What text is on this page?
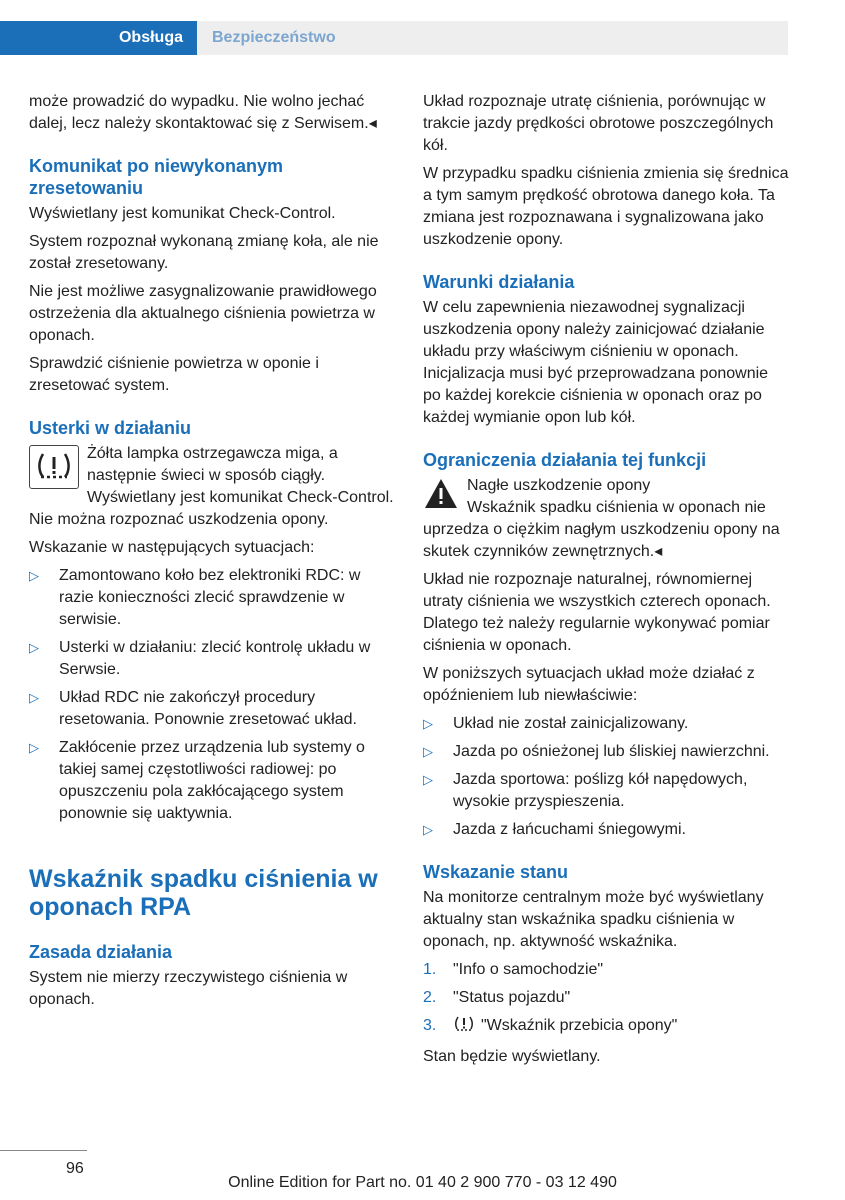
Obsługa Bezpieczeństwo

może prowadzić do wypadku. Nie wolno jechać dalej, lecz należy skontaktować się z Serwisem.◂

Komunikat po niewykonanym zresetowaniu

Wyświetlany jest komunikat Check-Control.

System rozpoznał wykonaną zmianę koła, ale nie został zresetowany.

Nie jest możliwe zasygnalizowanie prawidłowego ostrzeżenia dla aktualnego ciśnienia powietrza w oponach.

Sprawdzić ciśnienie powietrza w oponie i zresetować system.

Usterki w działaniu

Żółta lampka ostrzegawcza miga, a następnie świeci w sposób ciągły. Wyświetlany jest komunikat Check-Control. Nie można rozpoznać uszkodzenia opony.

Wskazanie w następujących sytuacjach:

▷ Zamontowano koło bez elektroniki RDC: w razie konieczności zlecić sprawdzenie w serwisie.
▷ Usterki w działaniu: zlecić kontrolę układu w Serwsie.
▷ Układ RDC nie zakończył procedury resetowania. Ponownie zresetować układ.
▷ Zakłócenie przez urządzenia lub systemy o takiej samej częstotliwości radiowej: po opuszczeniu pola zakłócającego system ponownie się uaktywnia.
Wskaźnik spadku ciśnienia w oponach RPA
Zasada działania

System nie mierzy rzeczywistego ciśnienia w oponach.

Układ rozpoznaje utratę ciśnienia, porównując w trakcie jazdy prędkości obrotowe poszczególnych kół.

W przypadku spadku ciśnienia zmienia się średnica a tym samym prędkość obrotowa danego koła. Ta zmiana jest rozpoznawana i sygnalizowana jako uszkodzenie opony.

Warunki działania

W celu zapewnienia niezawodnej sygnalizacji uszkodzenia opony należy zainicjować działanie układu przy właściwym ciśnieniu w oponach. Inicjalizacja musi być przeprowadzana ponownie po każdej korekcie ciśnienia w oponach oraz po każdej wymianie opon lub kół.

Ograniczenia działania tej funkcji

Nagłe uszkodzenie opony

Wskaźnik spadku ciśnienia w oponach nie uprzedza o ciężkim nagłym uszkodzeniu opony na skutek czynników zewnętrznych.◂

Układ nie rozpoznaje naturalnej, równomiernej utraty ciśnienia we wszystkich czterech oponach. Dlatego też należy regularnie wykonywać pomiar ciśnienia w oponach.

W poniższych sytuacjach układ może działać z opóźnieniem lub niewłaściwie:

▷ Układ nie został zainicjalizowany.
▷ Jazda po ośnieżonej lub śliskiej nawierzchni.
▷ Jazda sportowa: poślizg kół napędowych, wysokie przyspieszenia.
▷ Jazda z łańcuchami śniegowymi.
Wskazanie stanu

Na monitorze centralnym może być wyświetlany aktualny stan wskaźnika spadku ciśnienia w oponach, np. aktywność wskaźnika.

1. "Info o samochodzie"
2. "Status pojazdu"
3.	"Wskaźnik przebicia opony"

Stan będzie wyświetlany.

96
Online Edition for Part no. 01 40 2 900 770 - 03 12 490
